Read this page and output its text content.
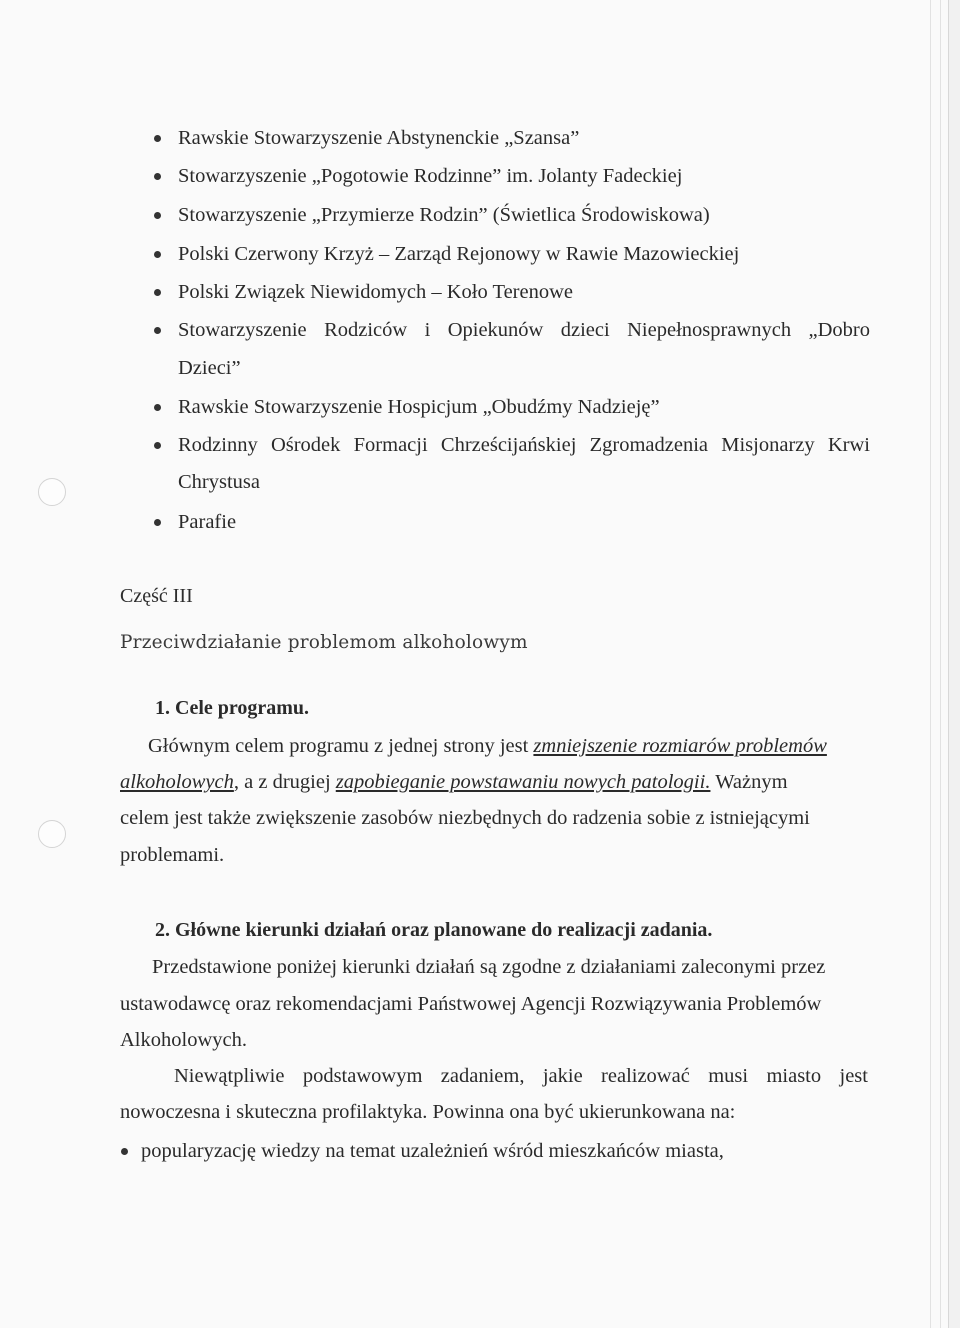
Rawskie Stowarzyszenie Abstynenckie „Szansa”
Stowarzyszenie „Pogotowie Rodzinne” im. Jolanty Fadeckiej
Stowarzyszenie „Przymierze Rodzin” (Świetlica Środowiskowa)
Polski Czerwony Krzyż – Zarząd Rejonowy w Rawie Mazowieckiej
Polski Związek Niewidomych – Koło Terenowe
Stowarzyszenie Rodziców i Opiekunów dzieci Niepełnosprawnych „Dobro
Dzieci”
Rawskie Stowarzyszenie Hospicjum „Obudźmy Nadzieję”
Rodzinny Ośrodek Formacji Chrześcijańskiej Zgromadzenia Misjonarzy Krwi
Chrystusa
Parafie
Część III
Przeciwdziałanie problemom alkoholowym
1. Cele programu.
Głównym celem programu z jednej strony jest zmniejszenie rozmiarów problemów
alkoholowych, a z drugiej zapobieganie powstawaniu nowych patologii. Ważnym
celem jest także zwiększenie zasobów niezbędnych do radzenia sobie z istniejącymi
problemami.
2. Główne kierunki działań oraz planowane do realizacji zadania.
Przedstawione poniżej kierunki działań są zgodne z działaniami zaleconymi przez
ustawodawcę oraz rekomendacjami Państwowej Agencji Rozwiązywania Problemów
Alkoholowych.
Niewątpliwie podstawowym zadaniem, jakie realizować musi miasto jest
nowoczesna i skuteczna profilaktyka. Powinna ona być ukierunkowana na:
popularyzację wiedzy na temat uzależnień wśród mieszkańców miasta,
